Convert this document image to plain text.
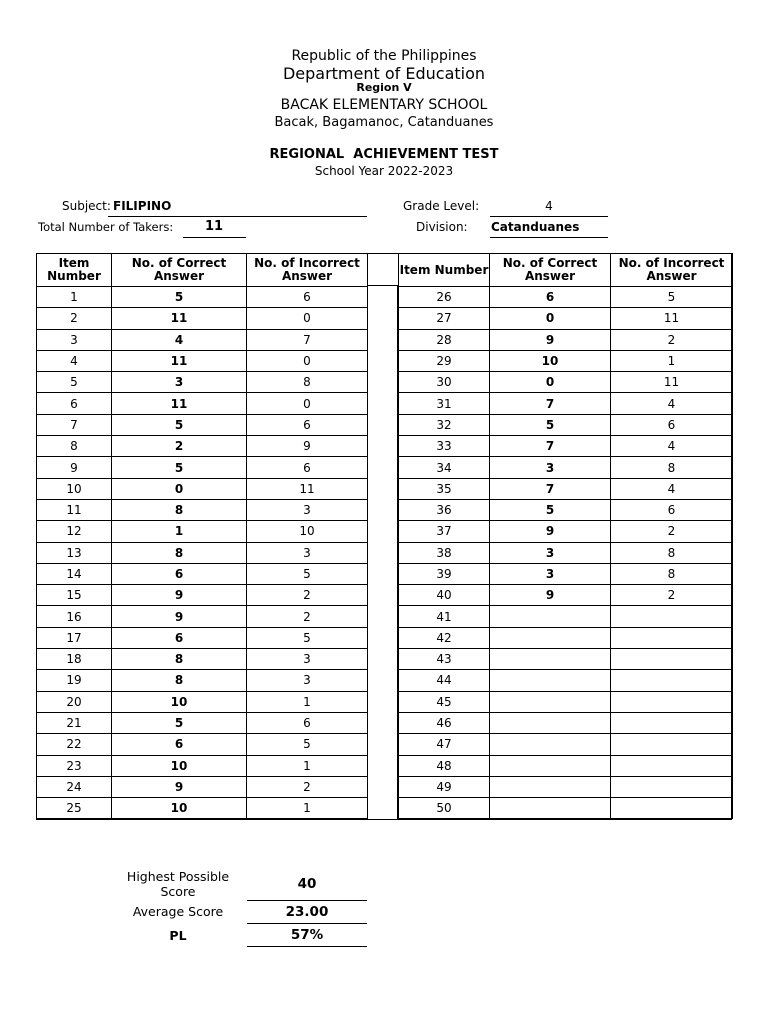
Republic of the Philippines
Department of Education
Region V
BACAK ELEMENTARY SCHOOL
Bacak, Bagamanoc, Catanduanes
REGIONAL  ACHIEVEMENT TEST
School Year 2022-2023
Subject: FILIPINO	Grade Level:	4
Total Number of Takers:	11	Division: Catanduanes
Item Number	No. of Correct Answer	No. of Incorrect Answer
1	5	6
2	11	0
3	4	7
4	11	0
5	3	8
6	11	0
7	5	6
8	2	9
9	5	6
10	0	11
11	8	3
12	1	10
13	8	3
14	6	5
15	9	2
16	9	2
17	6	5
18	8	3
19	8	3
20	10	1
21	5	6
22	6	5
23	10	1
24	9	2
25	10	1
Item Number	No. of Correct Answer	No. of Incorrect Answer
26	6	5
27	0	11
28	9	2
29	10	1
30	0	11
31	7	4
32	5	6
33	7	4
34	3	8
35	7	4
36	5	6
37	9	2
38	3	8
39	3	8
40	9	2
41		
42		
43		
44		
45		
46		
47		
48		
49		
50		
Highest Possible Score	40
Average Score	23.00
PL	57%
